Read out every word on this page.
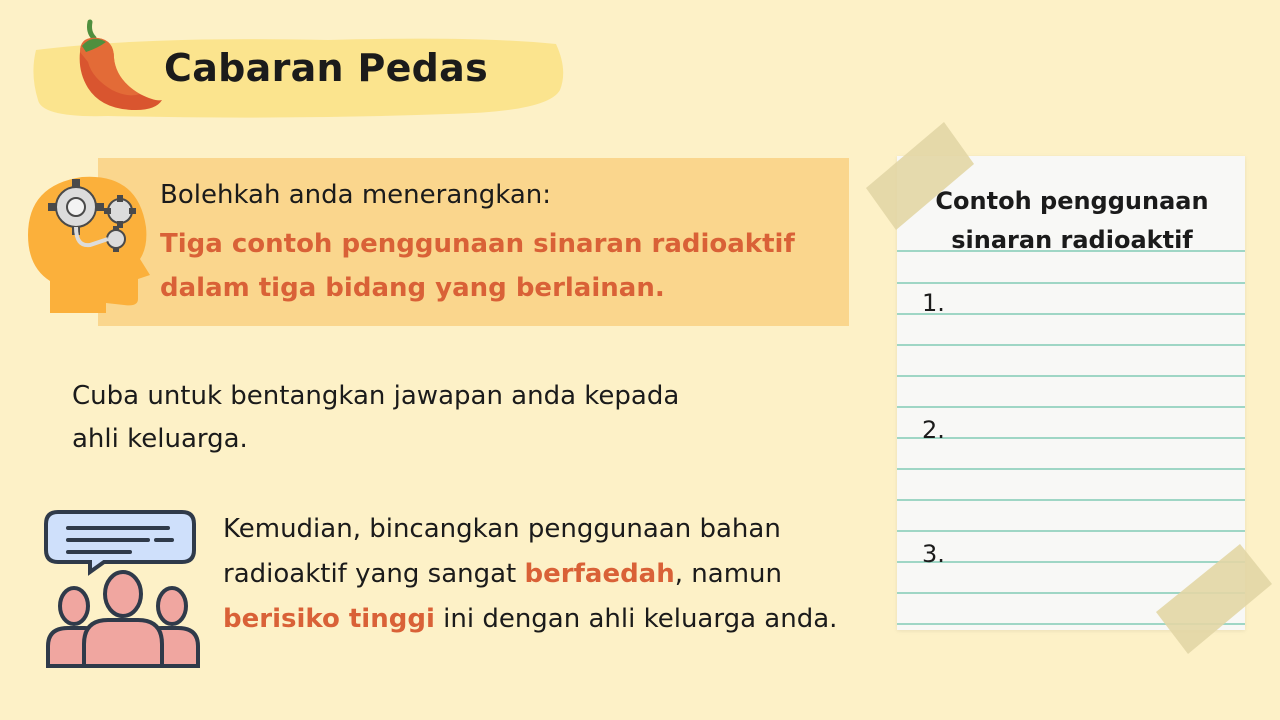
Cabaran Pedas
Bolehkah anda menerangkan:
Tiga contoh penggunaan sinaran radioaktif dalam tiga bidang yang berlainan.
Cuba untuk bentangkan jawapan anda kepada ahli keluarga.
Kemudian, bincangkan penggunaan bahan radioaktif yang sangat berfaedah, namun berisiko tinggi ini dengan ahli keluarga anda.
Contoh penggunaan sinaran radioaktif
1.
2.
3.
